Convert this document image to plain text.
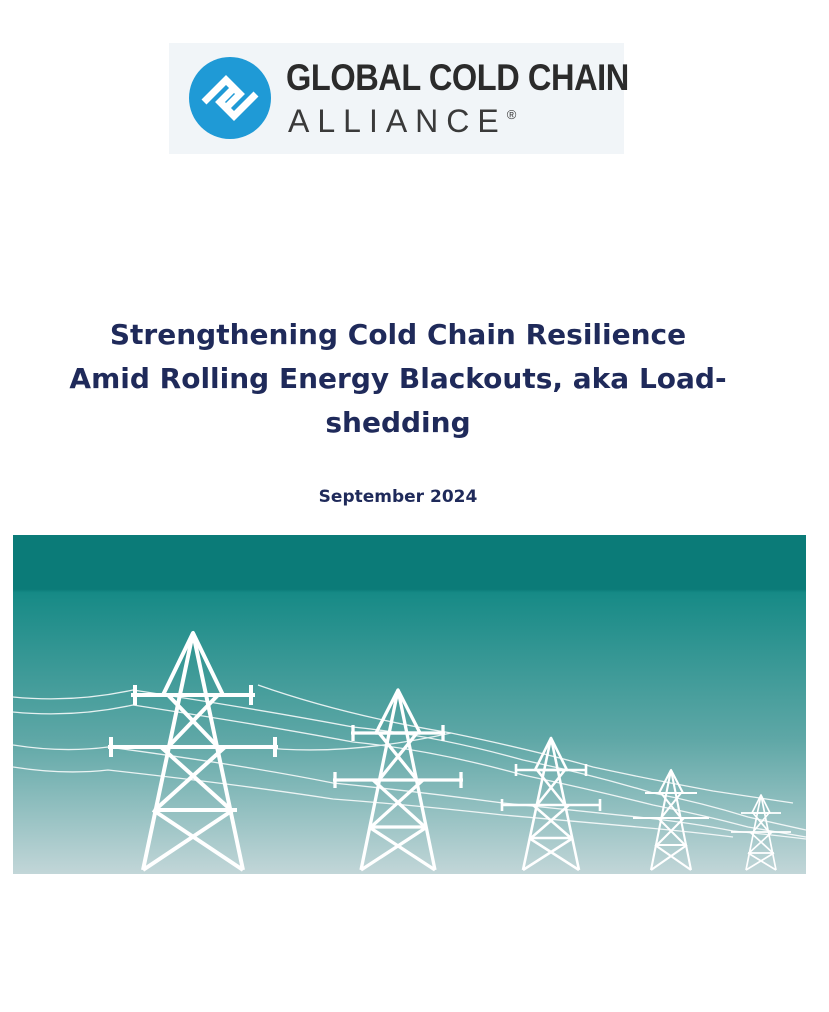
GLOBAL COLD CHAIN
ALLIANCE®
Strengthening Cold Chain Resilience
Amid Rolling Energy Blackouts, aka Load-
shedding
September 2024
